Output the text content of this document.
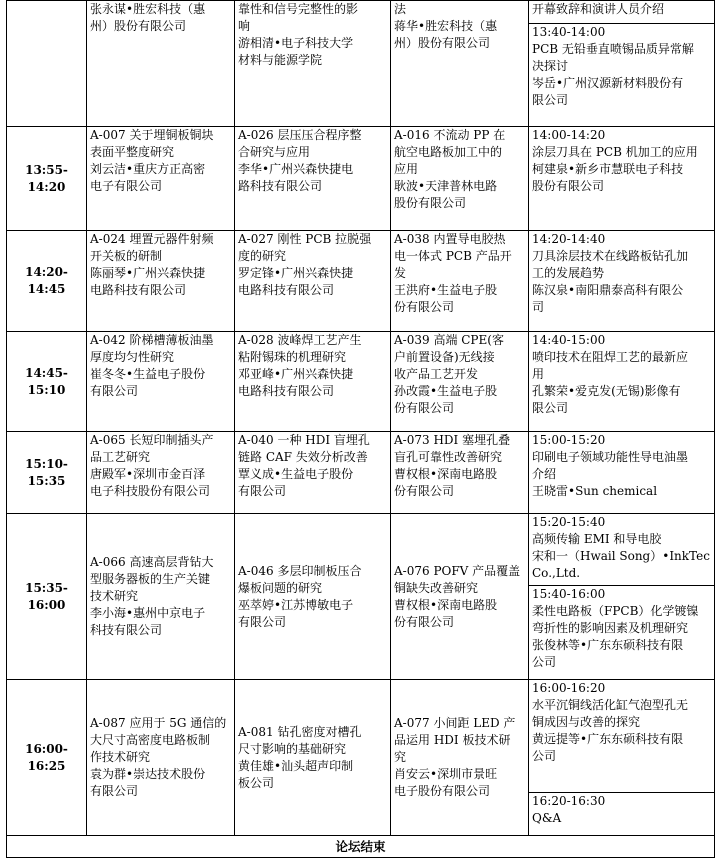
	张永谋•胜宏科技（惠
州）股份有限公司	靠性和信号完整性的影
响
游相清•电子科技大学
材料与能源学院	法
蒋华•胜宏科技（惠
州）股份有限公司	开幕致辞和演讲人员介绍

				13:40-14:00
PCB 无铅垂直喷锡品质异常解
决探讨
岑岳•广州汉源新材料股份有
限公司

13:55-14:20	A-007 关于埋铜板铜块
表面平整度研究
刘云洁•重庆方正高密
电子有限公司	A-026 层压压合程序整
合研究与应用
李华•广州兴森快捷电
路科技有限公司	A-016 不流动 PP 在
航空电路板加工中的
应用
耿波•天津普林电路
股份有限公司	14:00-14:20
涂层刀具在 PCB 机加工的应用
柯建泉•新乡市慧联电子科技
股份有限公司

14:20-14:45	A-024 埋置元器件射频
开关板的研制
陈丽琴•广州兴森快捷
电路科技有限公司	A-027 刚性 PCB 拉脱强
度的研究
罗定锋•广州兴森快捷
电路科技有限公司	A-038 内置导电胶热
电一体式 PCB 产品开
发
王洪府•生益电子股
份有限公司	14:20-14:40
刀具涂层技术在线路板钻孔加
工的发展趋势
陈汉泉•南阳鼎泰高科有限公
司

14:45-15:10	A-042 阶梯槽薄板油墨
厚度均匀性研究
崔冬冬•生益电子股份
有限公司	A-028 波峰焊工艺产生
粘附锡珠的机理研究
邓亚峰•广州兴森快捷
电路科技有限公司	A-039 高端 CPE(客
户前置设备)无线接
收产品工艺开发
孙改霞•生益电子股
份有限公司	14:40-15:00
喷印技术在阻焊工艺的最新应
用
孔繁荣•爱克发(无锡)影像有
限公司

15:10-15:35	A-065 长短印制插头产
品工艺研究
唐殿军•深圳市金百泽
电子科技股份有限公司	A-040 一种 HDI 盲埋孔
链路 CAF 失效分析改善
覃义成•生益电子股份
有限公司	A-073 HDI 塞埋孔叠
盲孔可靠性改善研究
曹权根•深南电路股
份有限公司	15:00-15:20
印刷电子领域功能性导电油墨
介绍
王晓雷•Sun chemical

15:35-16:00	A-066 高速高层背钻大
型服务器板的生产关键
技术研究
李小海•惠州中京电子
科技有限公司	A-046 多层印制板压合
爆板问题的研究
巫萃婷•江苏博敏电子
有限公司	A-076 POFV 产品覆盖
铜缺失改善研究
曹权根•深南电路股
份有限公司	15:20-15:40
高频传输 EMI 和导电胶
宋和一（Hwail Song）•InkTec
Co.,Ltd.

				15:40-16:00
柔性电路板（FPCB）化学镀镍
弯折性的影响因素及机理研究
张俊林等•广东东硕科技有限
公司

16:00-16:25	A-087 应用于 5G 通信的
大尺寸高密度电路板制
作技术研究
袁为群•崇达技术股份
有限公司	A-081 钻孔密度对槽孔
尺寸影响的基础研究
黄佳雄•汕头超声印制
板公司	A-077 小间距 LED 产
品运用 HDI 板技术研
究
肖安云•深圳市景旺
电子股份有限公司	16:00-16:20
水平沉铜线活化缸气泡型孔无
铜成因与改善的探究
黄远提等•广东东硕科技有限
公司

				16:20-16:30
Q&A

论坛结束				
